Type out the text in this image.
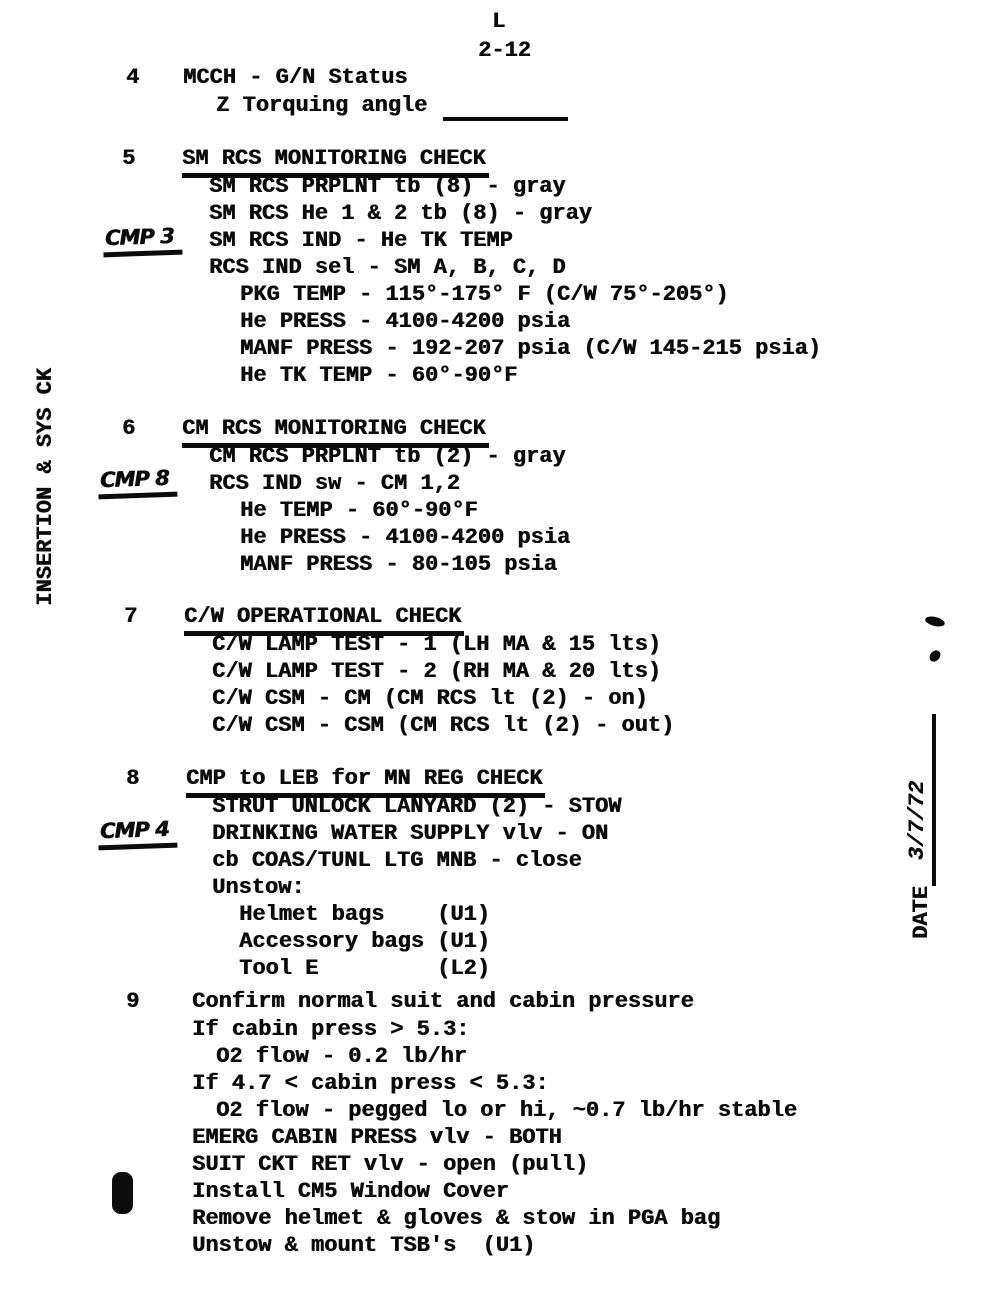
L
2-12
4 MCCH - G/N Status
Z Torquing angle
5 SM RCS MONITORING CHECK
CMP 3
SM RCS PRPLNT tb (8) - gray
SM RCS He 1 & 2 tb (8) - gray
SM RCS IND - He TK TEMP
RCS IND sel - SM A, B, C, D
PKG TEMP - 115°-175° F (C/W 75°-205°)
He PRESS - 4100-4200 psia
MANF PRESS - 192-207 psia (C/W 145-215 psia)
He TK TEMP - 60°-90°F
6 CM RCS MONITORING CHECK
CMP 8
CM RCS PRPLNT tb (2) - gray
RCS IND sw - CM 1,2
He TEMP - 60°-90°F
He PRESS - 4100-4200 psia
MANF PRESS - 80-105 psia
7 C/W OPERATIONAL CHECK
C/W LAMP TEST - 1 (LH MA & 15 lts)
C/W LAMP TEST - 2 (RH MA & 20 lts)
C/W CSM - CM (CM RCS lt (2) - on)
C/W CSM - CSM (CM RCS lt (2) - out)
8 CMP to LEB for MN REG CHECK
CMP 4
STRUT UNLOCK LANYARD (2) - STOW
DRINKING WATER SUPPLY vlv - ON
cb COAS/TUNL LTG MNB - close
Unstow:
Helmet bags    (U1)
Accessory bags (U1)
Tool E         (L2)
9 Confirm normal suit and cabin pressure
If cabin press > 5.3:
O2 flow - 0.2 lb/hr
If 4.7 < cabin press < 5.3:
O2 flow - pegged lo or hi, ~0.7 lb/hr stable
EMERG CABIN PRESS vlv - BOTH
SUIT CKT RET vlv - open (pull)
Install CM5 Window Cover
Remove helmet & gloves & stow in PGA bag
Unstow & mount TSB's  (U1)
INSERTION & SYS CK
DATE
3/7/72
